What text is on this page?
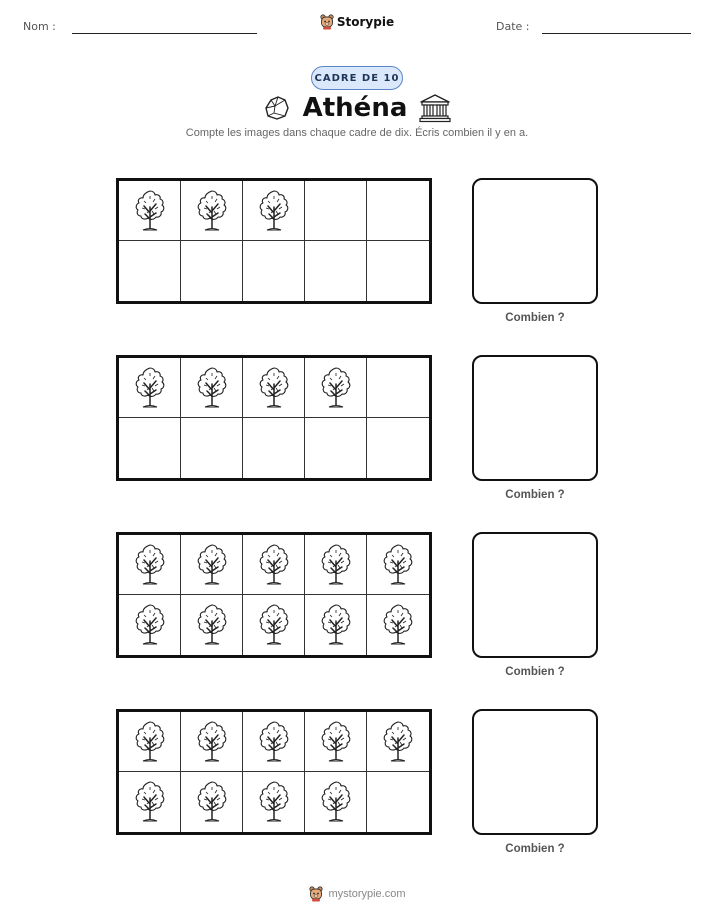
Nom :	Storypie	Date :
CADRE DE 10
Athéna

Compte les images dans chaque cadre de dix. Écris combien il y en a.

Combien ?
Combien ?
Combien ?
Combien ?
mystorypie.com
